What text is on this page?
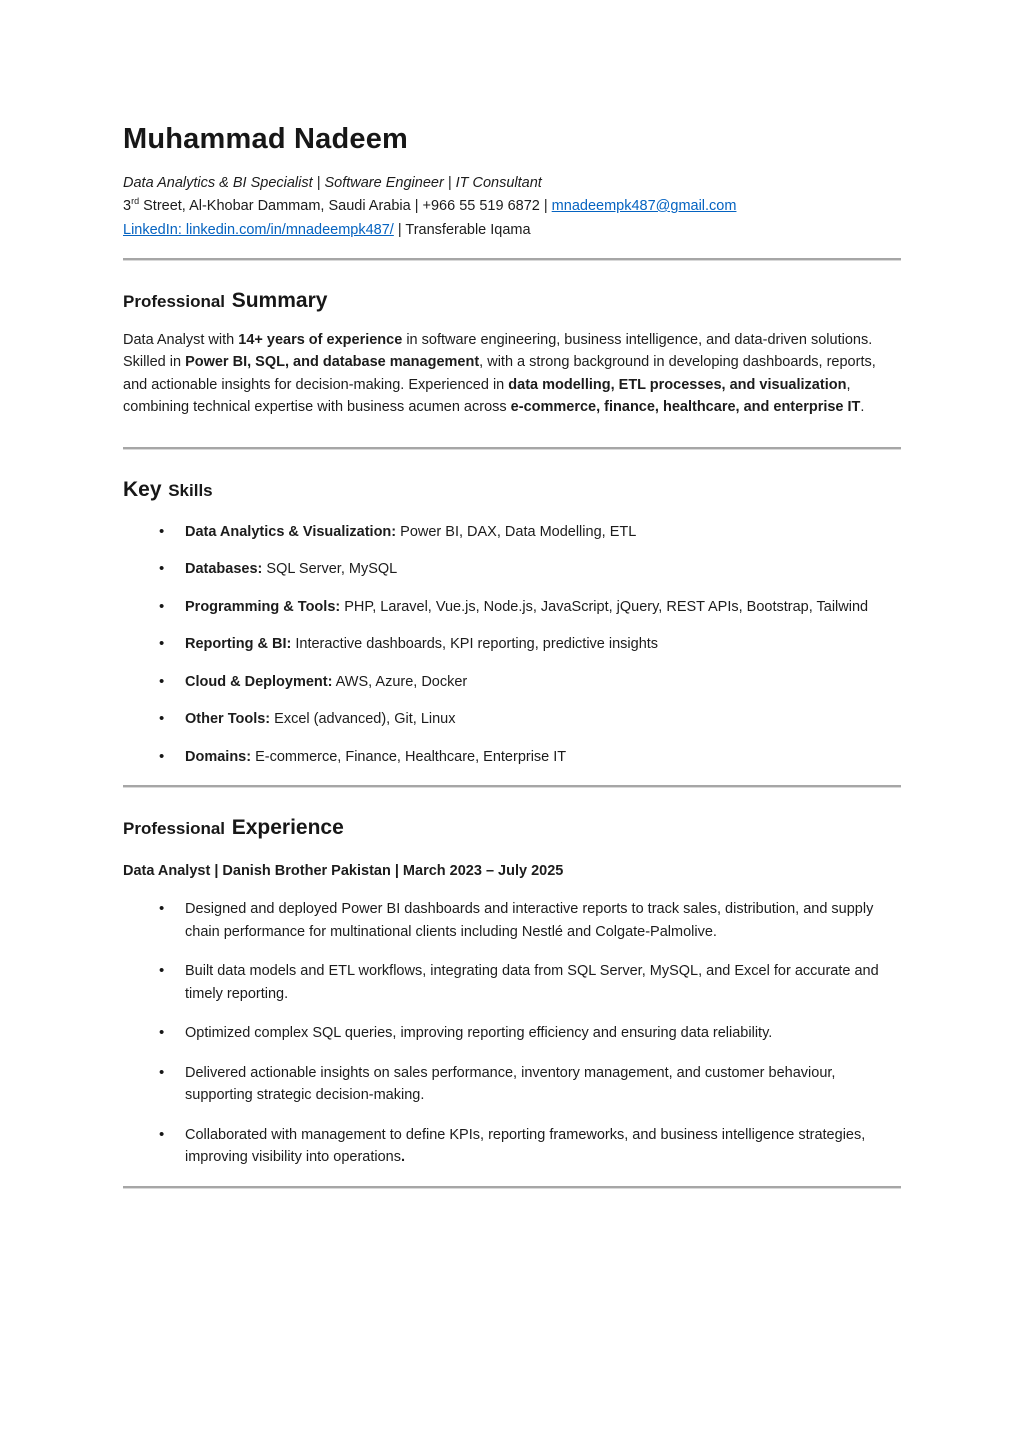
Muhammad Nadeem

Data Analytics & BI Specialist | Software Engineer | IT Consultant

3rd Street, Al-Khobar Dammam, Saudi Arabia | +966 55 519 6872 | mnadeempk487@gmail.com

LinkedIn: linkedin.com/in/mnadeempk487/ | Transferable Iqama

Professional Summary

Data Analyst with 14+ years of experience in software engineering, business intelligence, and data-driven solutions. Skilled in Power BI, SQL, and database management, with a strong background in developing dashboards, reports, and actionable insights for decision-making. Experienced in data modelling, ETL processes, and visualization, combining technical expertise with business acumen across e-commerce, finance, healthcare, and enterprise IT.

Key Skills
• Data Analytics & Visualization: Power BI, DAX, Data Modelling, ETL
• Databases: SQL Server, MySQL
• Programming & Tools: PHP, Laravel, Vue.js, Node.js, JavaScript, jQuery, REST APIs, Bootstrap, Tailwind
• Reporting & BI: Interactive dashboards, KPI reporting, predictive insights
• Cloud & Deployment: AWS, Azure, Docker
• Other Tools: Excel (advanced), Git, Linux
• Domains: E-commerce, Finance, Healthcare, Enterprise IT
Professional Experience

Data Analyst | Danish Brother Pakistan | March 2023 – July 2025

• Designed and deployed Power BI dashboards and interactive reports to track sales, distribution, and supply chain performance for multinational clients including Nestlé and Colgate-Palmolive.
• Built data models and ETL workflows, integrating data from SQL Server, MySQL, and Excel for accurate and timely reporting.
• Optimized complex SQL queries, improving reporting efficiency and ensuring data reliability.
• Delivered actionable insights on sales performance, inventory management, and customer behaviour, supporting strategic decision-making.
• Collaborated with management to define KPIs, reporting frameworks, and business intelligence strategies, improving visibility into operations.
